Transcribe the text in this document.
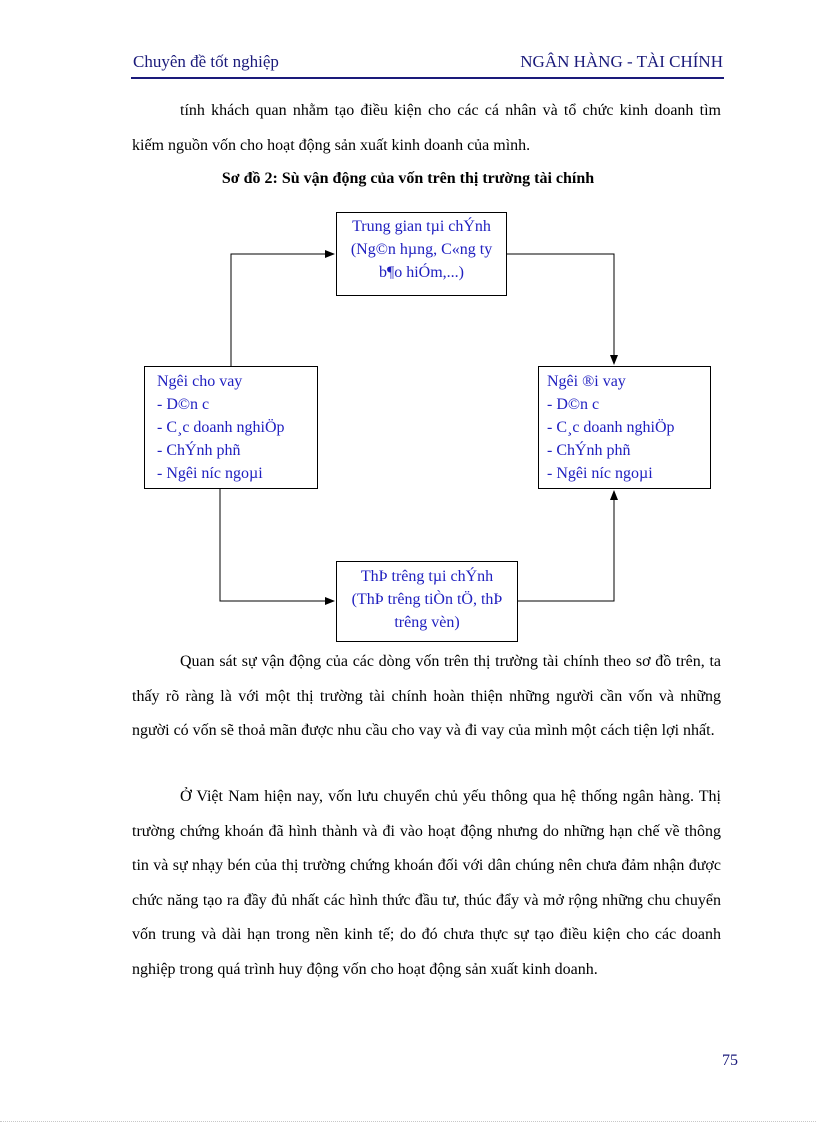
Chuyên đề tốt nghiệp	NGÂN HÀNG - TÀI CHÍNH

tính khách quan nhằm tạo điều kiện cho các cá nhân và tổ chức kinh doanh tìm kiếm nguồn vốn cho hoạt động sản xuất kinh doanh của mình.

Sơ đồ 2: Sù vận động của vốn trên thị trường tài chính
Trung gian tµi chÝnh
(Ng©n hµng, C«ng ty
b¶o hiÓm,...)
Ngêi cho vay
- D©n c
- C¸c doanh nghiÖp
- ChÝnh phñ
- Ngêi níc ngoµi
Ngêi ®i vay
- D©n c
- C¸c doanh nghiÖp
- ChÝnh phñ
- Ngêi níc ngoµi
ThÞ trêng tµi chÝnh
(ThÞ trêng tiÒn tÖ, thÞ
trêng vèn)

Quan sát sự vận động của các dòng vốn trên thị trường tài chính theo sơ đồ trên, ta thấy rõ ràng là với một thị trường tài chính hoàn thiện những người cần vốn và những người có vốn sẽ thoả mãn được nhu cầu cho vay và đi vay của mình một cách tiện lợi nhất.

Ở Việt Nam hiện nay, vốn lưu chuyển chủ yếu thông qua hệ thống ngân hàng. Thị trường chứng khoán đã hình thành và đi vào hoạt động nhưng do những hạn chế về thông tin và sự nhạy bén của thị trường chứng khoán đối với dân chúng nên chưa đảm nhận được chức năng tạo ra đầy đủ nhất các hình thức đầu tư, thúc đẩy và mở rộng những chu chuyển vốn trung và dài hạn trong nền kinh tế; do đó chưa thực sự tạo điều kiện cho các doanh nghiệp trong quá trình huy động vốn cho hoạt động sản xuất kinh doanh.

75
